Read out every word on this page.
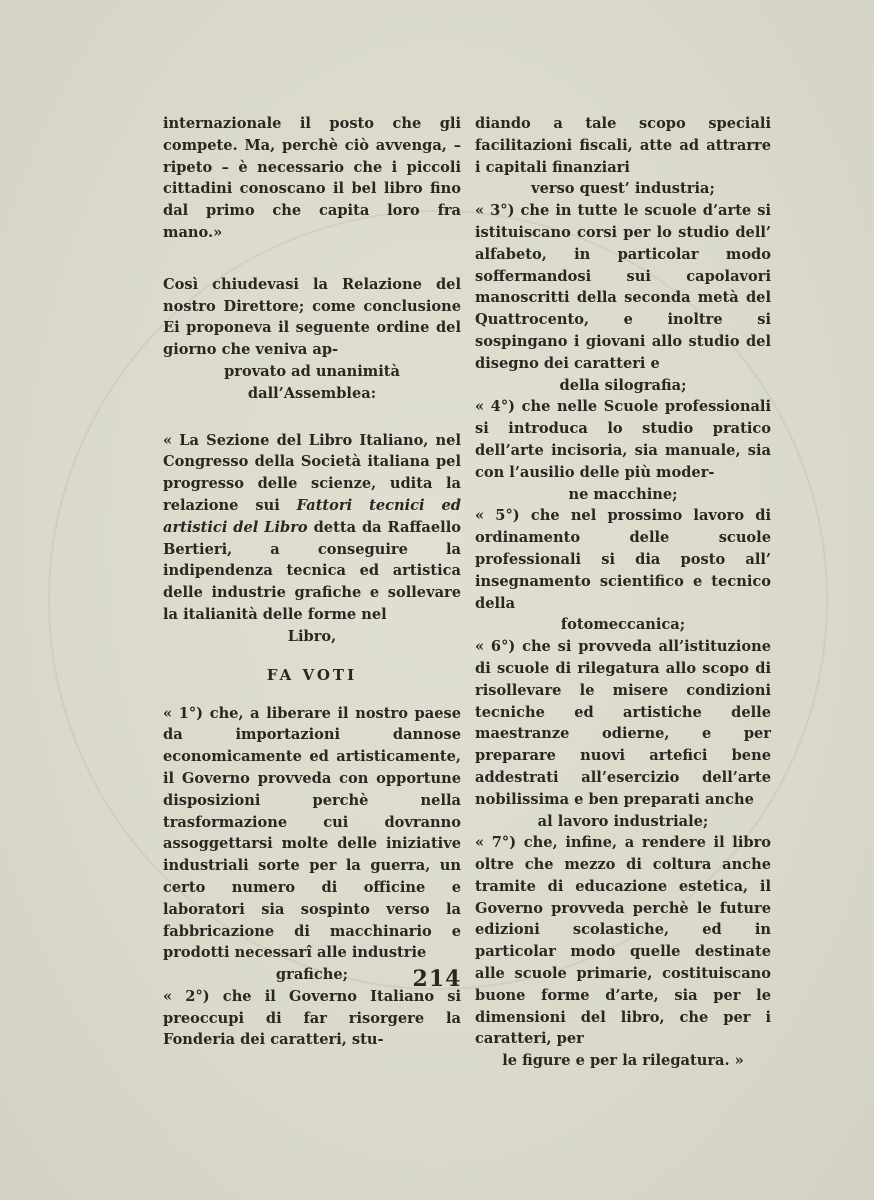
internazionale il posto che gli compete. Ma, perchè ciò avvenga, – ripeto – è necessario che i piccoli cittadini conoscano il bel libro fino dal primo che capita loro fra mano.»

Così chiudevasi la Relazione del nostro Direttore; come conclusione Ei proponeva il seguente ordine del giorno che veniva ap-

provato ad unanimità dall’Assemblea:

« La Sezione del Libro Italiano, nel Congresso della Società italiana pel progresso delle scienze, udita la relazione sui Fattori tecnici ed artistici del Libro detta da Raffaello Bertieri, a conseguire la indipendenza tecnica ed artistica delle industrie grafiche e sollevare la italianità delle forme nel

Libro,

FA VOTI

« 1°) che, a liberare il nostro paese da importazioni dannose economicamente ed artisticamente, il Governo provveda con opportune disposizioni perchè nella trasformazione cui dovranno assoggettarsi molte delle iniziative industriali sorte per la guerra, un certo numero di officine e laboratori sia sospinto verso la fabbricazione di macchinario e prodotti necessarî alle industrie

grafiche;

« 2°) che il Governo Italiano si preoccupi di far risorgere la Fonderia dei caratteri, stu-

diando a tale scopo speciali facilitazioni fiscali, atte ad attrarre i capitali finanziari

verso quest’ industria;

« 3°) che in tutte le scuole d’arte si istituiscano corsi per lo studio dell’ alfabeto, in particolar modo soffermandosi sui capolavori manoscritti della seconda metà del Quattrocento, e inoltre si sospingano i giovani allo studio del disegno dei caratteri e

della silografia;

« 4°) che nelle Scuole professionali si introduca lo studio pratico dell’arte incisoria, sia manuale, sia con l’ausilio delle più moder-

ne macchine;

« 5°) che nel prossimo lavoro di ordinamento delle scuole professionali si dia posto all’ insegnamento scientifico e tecnico della

fotomeccanica;

« 6°) che si provveda all’istituzione di scuole di rilegatura allo scopo di risollevare le misere condizioni tecniche ed artistiche delle maestranze odierne, e per preparare nuovi artefici bene addestrati all’esercizio dell’arte nobilissima e ben preparati anche

al lavoro industriale;

« 7°) che, infine, a rendere il libro oltre che mezzo di coltura anche tramite di educazione estetica, il Governo provveda perchè le future edizioni scolastiche, ed in particolar modo quelle destinate alle scuole primarie, costituiscano buone forme d’arte, sia per le dimensioni del libro, che per i caratteri, per

le figure e per la rilegatura. »

214
